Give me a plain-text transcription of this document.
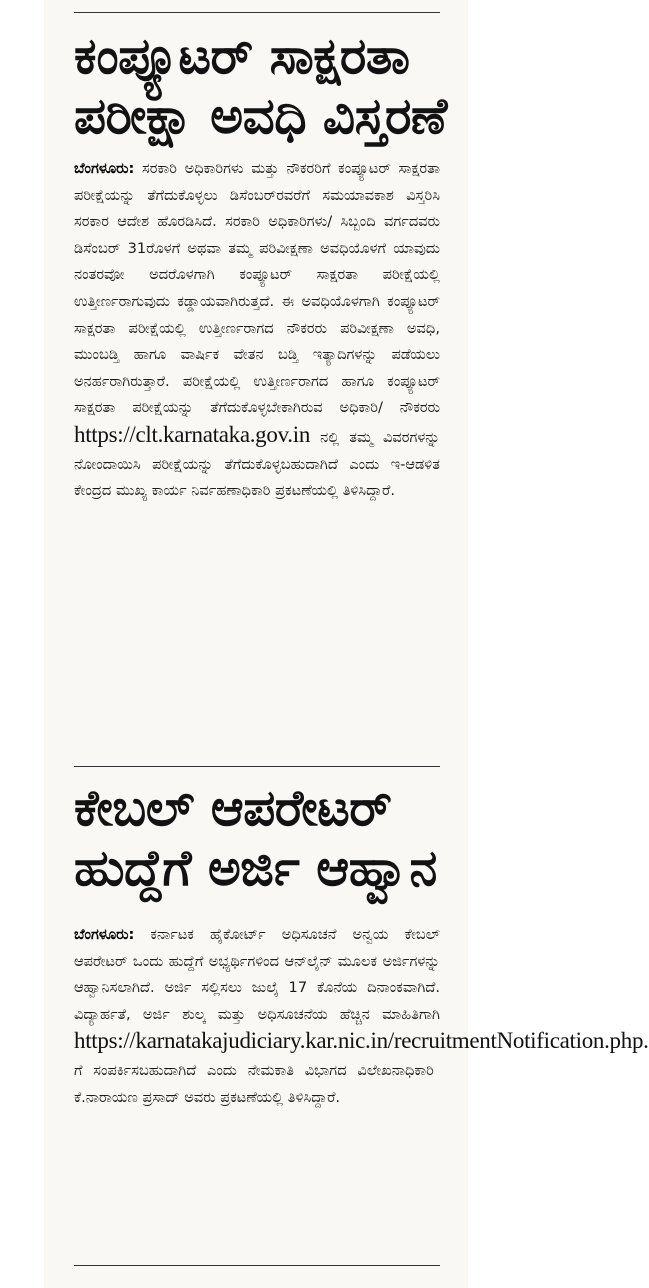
ಕಂಪ್ಯೂಟರ್ ಸಾಕ್ಷರತಾ
ಪರೀಕ್ಷಾ ಅವಧಿ ವಿಸ್ತರಣೆ

ಬೆಂಗಳೂರು: ಸರಕಾರಿ ಅಧಿಕಾರಿಗಳು ಮತ್ತು ನೌಕರರಿಗೆ ಕಂಪ್ಯೂಟರ್ ಸಾಕ್ಷರತಾ ಪರೀಕ್ಷೆಯನ್ನು ತೆಗೆದುಕೊಳ್ಳಲು ಡಿಸೆಂಬರ್‌ರವರೆಗೆ ಸಮಯಾವಕಾಶ ವಿಸ್ತರಿಸಿ ಸರಕಾರ ಆದೇಶ ಹೊರಡಿಸಿದೆ. ಸರಕಾರಿ ಅಧಿಕಾರಿಗಳು/ ಸಿಬ್ಬಂದಿ ವರ್ಗದವರು ಡಿಸೆಂಬರ್ 31ರೊಳಗೆ ಅಥವಾ ತಮ್ಮ ಪರಿವೀಕ್ಷಣಾ ಅವಧಿಯೊಳಗೆ ಯಾವುದು ನಂತರವೋ ಅದರೊಳಗಾಗಿ ಕಂಪ್ಯೂಟರ್ ಸಾಕ್ಷರತಾ ಪರೀಕ್ಷೆಯಲ್ಲಿ ಉತ್ತೀರ್ಣರಾಗುವುದು ಕಡ್ಡಾಯವಾಗಿರುತ್ತದೆ. ಈ ಅವಧಿಯೊಳಗಾಗಿ ಕಂಪ್ಯೂಟರ್ ಸಾಕ್ಷರತಾ ಪರೀಕ್ಷೆಯಲ್ಲಿ ಉತ್ತೀರ್ಣರಾಗದ ನೌಕರರು ಪರಿವೀಕ್ಷಣಾ ಅವಧಿ, ಮುಂಬಡ್ತಿ ಹಾಗೂ ವಾರ್ಷಿಕ ವೇತನ ಬಡ್ತಿ ಇತ್ಯಾದಿಗಳನ್ನು ಪಡೆಯಲು ಅನರ್ಹರಾಗಿರುತ್ತಾರೆ. ಪರೀಕ್ಷೆಯಲ್ಲಿ ಉತ್ತೀರ್ಣರಾಗದ ಹಾಗೂ ಕಂಪ್ಯೂಟರ್ ಸಾಕ್ಷರತಾ ಪರೀಕ್ಷೆಯನ್ನು ತೆಗೆದುಕೊಳ್ಳಬೇಕಾಗಿರುವ ಅಧಿಕಾರಿ/ ನೌಕರರು https://clt.karnataka.gov.in ನಲ್ಲಿ ತಮ್ಮ ವಿವರಗಳನ್ನು ನೋಂದಾಯಿಸಿ ಪರೀಕ್ಷೆಯನ್ನು ತೆಗೆದುಕೊಳ್ಳಬಹುದಾಗಿದೆ ಎಂದು ಇ-ಆಡಳಿತ ಕೇಂದ್ರದ ಮುಖ್ಯ ಕಾರ್ಯ ನಿರ್ವಹಣಾಧಿಕಾರಿ ಪ್ರಕಟಣೆಯಲ್ಲಿ ತಿಳಿಸಿದ್ದಾರೆ.

ಕೇಬಲ್ ಆಪರೇಟರ್
ಹುದ್ದೆಗೆ ಅರ್ಜಿ ಆಹ್ವಾನ

ಬೆಂಗಳೂರು: ಕರ್ನಾಟಕ ಹೈಕೋರ್ಟ್ ಅಧಿಸೂಚನೆ ಅನ್ವಯ ಕೇಬಲ್ ಆಪರೇಟರ್ ಒಂದು ಹುದ್ದೆಗೆ ಅಭ್ಯರ್ಥಿಗಳಿಂದ ಆನ್‌ಲೈನ್ ಮೂಲಕ ಅರ್ಜಿಗಳನ್ನು ಆಹ್ವಾನಿಸಲಾಗಿದೆ. ಅರ್ಜಿ ಸಲ್ಲಿಸಲು ಜುಲೈ 17 ಕೊನೆಯ ದಿನಾಂಕವಾಗಿದೆ. ವಿದ್ಯಾರ್ಹತೆ, ಅರ್ಜಿ ಶುಲ್ಕ ಮತ್ತು ಅಧಿಸೂಚನೆಯ ಹೆಚ್ಚಿನ ಮಾಹಿತಿಗಾಗಿ https://karnatakajudiciary.kar.nic.in/recruitmentNotification.php. ಗೆ ಸಂಪರ್ಕಿಸಬಹುದಾಗಿದೆ ಎಂದು ನೇಮಕಾತಿ ವಿಭಾಗದ ವಿಲೇಖನಾಧಿಕಾರಿ ಕೆ.ನಾರಾಯಣ ಪ್ರಸಾದ್ ಅವರು ಪ್ರಕಟಣೆಯಲ್ಲಿ ತಿಳಿಸಿದ್ದಾರೆ.
